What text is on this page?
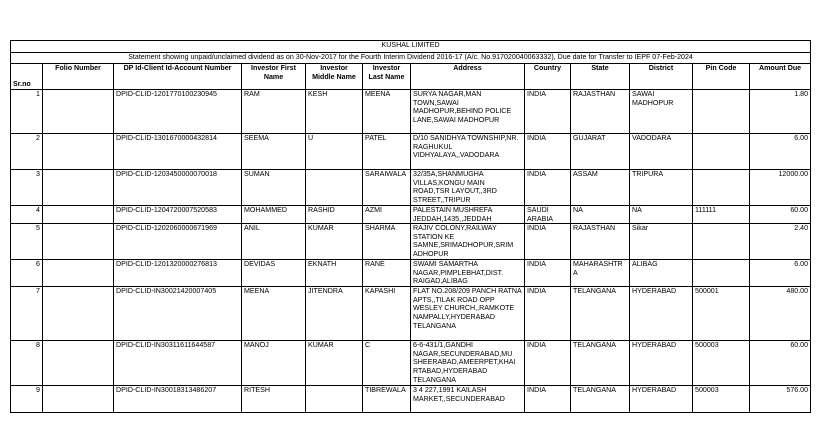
KUSHAL LIMITED											
Statement showing unpaid/unclaimed dividend as on 30-Nov-2017 for the Fourth Interim Dividend 2016-17 (A/c. No.917020040063332), Due date for Transfer to IEPF 07-Feb-2024											
Sr.no	Folio Number	DP Id-Client Id-Account Number	Investor First Name	Investor Middle Name	Investor Last Name	Address	Country	State	District	Pin Code	Amount Due
1		DPID-CLID-1201770100230945	RAM	KESH	MEENA	SURYA NAGAR,MAN TOWN,SAWAI MADHOPUR,BEHIND POLICE LANE,SAWAI MADHOPUR	INDIA	RAJASTHAN	SAWAI MADHOPUR		1.80
2		DPID-CLID-1301670000432814	SEEMA	U	PATEL	D/10 SANIDHYA TOWNSHIP,NR. RAGHUKUL VIDHYALAYA,,VADODARA	INDIA	GUJARAT	VADODARA		6.00
3		DPID-CLID-1203450000070018	SUMAN		SARAIWALA	32/35A,SHANMUGHA VILLAS,KONGU MAIN ROAD,TSR LAYOUT,,3RD STREET,,TRIPUR	INDIA	ASSAM	TRIPURA		12000.00
4		DPID-CLID-1204720007520583	MOHAMMED	RASHID	AZMI	PALESTAIN MUSHREFA JEDDAH,1435,,JEDDAH	SAUDI ARABIA	NA	NA	111111	60.00
5		DPID-CLID-1202060000671969	ANIL	KUMAR	SHARMA	RAJIV COLONY,RAILWAY STATION KE SAMNE,SRIMADHOPUR,SRIM ADHOPUR	INDIA	RAJASTHAN	Sikar		2.40
6		DPID-CLID-1201320000276813	DEVIDAS	EKNATH	RANE	SWAMI SAMARTHA NAGAR,PIMPLEBHAT,DIST. RAIGAD,ALIBAG	INDIA	MAHARASHTR A	ALIBAG		6.00
7		DPID-CLID-IN30021420007405	MEENA	JITENDRA	KAPASHI	FLAT NO.208/209 PANCH RATNA APTS,,TILAK ROAD OPP WESLEY CHURCH,,RAMKOTE NAMPALLY,HYDERABAD TELANGANA	INDIA	TELANGANA	HYDERABAD	500001	480.00
8		DPID-CLID-IN30311611644587	MANOJ	KUMAR	C	6-6-431/1,GANDHI NAGAR,SECUNDERABAD,MU SHEERABAD,AMEERPET,KHAI RTABAD,HYDERABAD TELANGANA	INDIA	TELANGANA	HYDERABAD	500003	60.00
9		DPID-CLID-IN30018313486207	RITESH		TIBREWALA	3 4 227,1991 KAILASH MARKET,,SECUNDERABAD	INDIA	TELANGANA	HYDERABAD	500003	576.00
